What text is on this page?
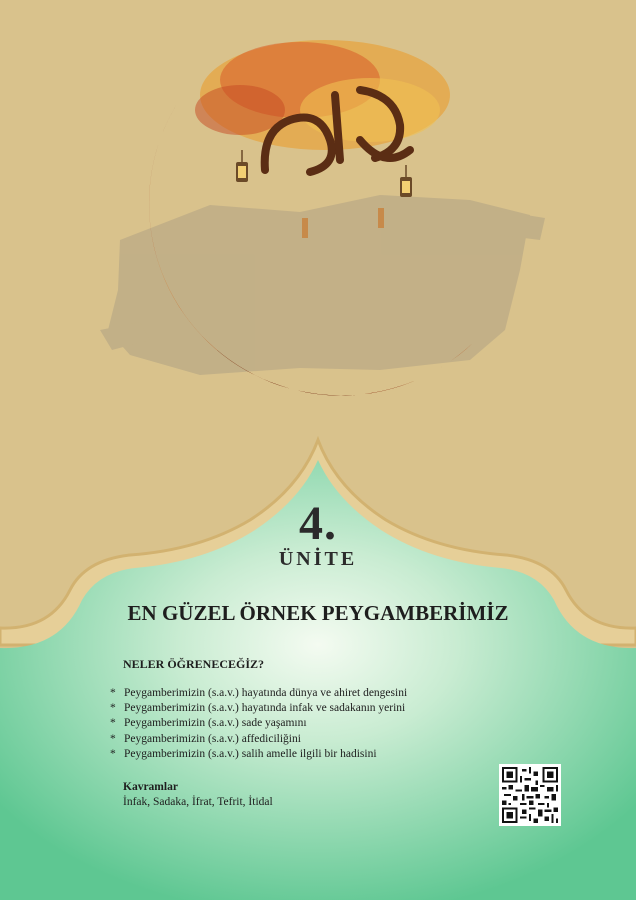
4.
ÜNİTE
EN GÜZEL ÖRNEK PEYGAMBERİMİZ
NELER ÖĞRENECEĞİZ?
* Peygamberimizin (s.a.v.) hayatında dünya ve ahiret dengesini
* Peygamberimizin (s.a.v.) hayatında infak ve sadakanın yerini
* Peygamberimizin (s.a.v.) sade yaşamını
* Peygamberimizin (s.a.v.) affediciliğini
* Peygamberimizin (s.a.v.) salih amelle ilgili bir hadisini
Kavramlar
İnfak, Sadaka, İfrat, Tefrit, İtidal
